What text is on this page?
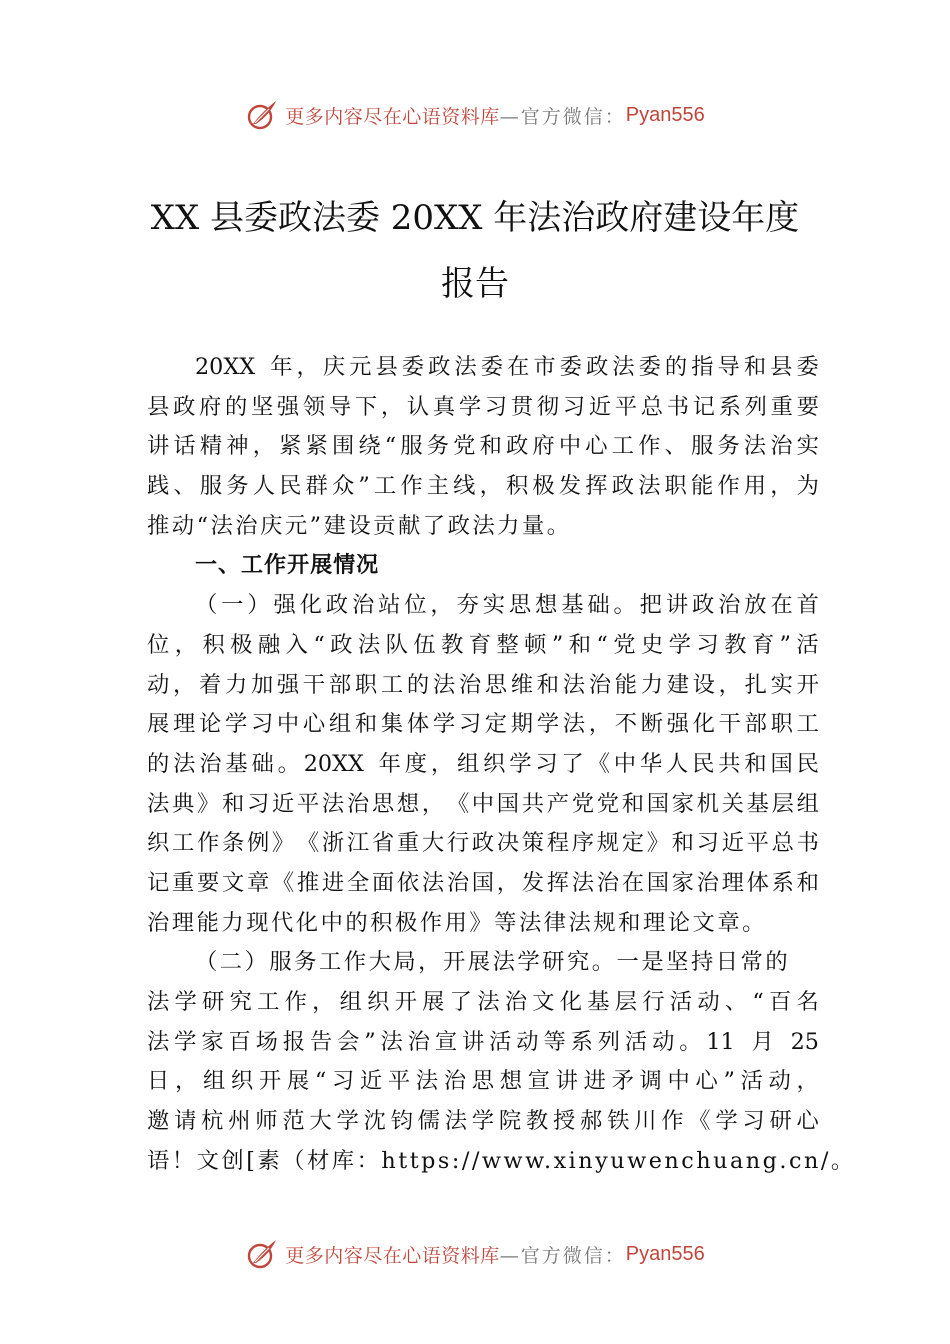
更多内容尽在心语资料库 —官方微信： Pyan556
XX 县委政法委 20XX 年法治政府建设年度
报告
20XX
年 ， 庆 元 县 委 政 法 委 在 市 委 政 法 委 的 指 导 和 县 委
县 政 府 的 坚 强 领 导 下 ， 认 真 学 习 贯 彻 习 近 平 总 书 记 系 列 重 要
讲 话 精 神 ， 紧 紧 围 绕 “ 服 务 党 和 政 府 中 心 工 作 、 服 务 法 治 实
践 、 服 务 人 民 群 众 ” 工 作 主 线 ， 积 极 发 挥 政 法 职 能 作 用 ， 为
推动“法治庆元”建设贡献了政法力量。
一 、 工 作 开 展 情 况
（ 一 ） 强 化 政 治 站 位 ， 夯 实 思 想 基 础 。 把 讲 政 治 放 在 首
位 ， 积 极 融 入 “ 政 法 队 伍 教 育 整 顿 ” 和 “ 党 史 学 习 教 育 ” 活
动 ， 着 力 加 强 干 部 职 工 的 法 治 思 维 和 法 治 能 力 建 设 ， 扎 实 开
展 理 论 学 习 中 心 组 和 集 体 学 习 定 期 学 法 ， 不 断 强 化 干 部 职 工
的 法 治 基 础 。 20XX
年 度 ， 组 织 学 习 了 《 中 华 人 民 共 和 国 民
法 典 》 和 习 近 平 法 治 思 想 ， 《 中 国 共 产 党 党 和 国 家 机 关 基 层 组
织 工 作 条 例 》 《 浙 江 省 重 大 行 政 决 策 程 序 规 定 》 和 习 近 平 总 书
记 重 要 文 章 《 推 进 全 面 依 法 治 国 ， 发 挥 法 治 在 国 家 治 理 体 系 和
治理能力现代化中的积极作用》等法律法规和理论文章。
（二）服务工作大局，开展法学研究。一是坚持日常的
法 学 研 究 工 作 ， 组 织 开 展 了 法 治 文 化 基 层 行 活 动 、 “ 百 名
法 学 家 百 场 报 告 会 ” 法 治 宣 讲 活 动 等 系 列 活 动 。 11
月
25
日 ， 组 织 开 展 “ 习 近 平 法 治 思 想 宣 讲 进 矛 调 中 心 ” 活 动 ，
邀 请 杭 州 师 范 大 学 沈 钧 儒 法 学 院 教 授 郝 铁 川 作 《 学 习 研 心
语！文创[素（材库：https://www.xinyuwenchuang.cn/。
更多内容尽在心语资料库 —官方微信： Pyan556
